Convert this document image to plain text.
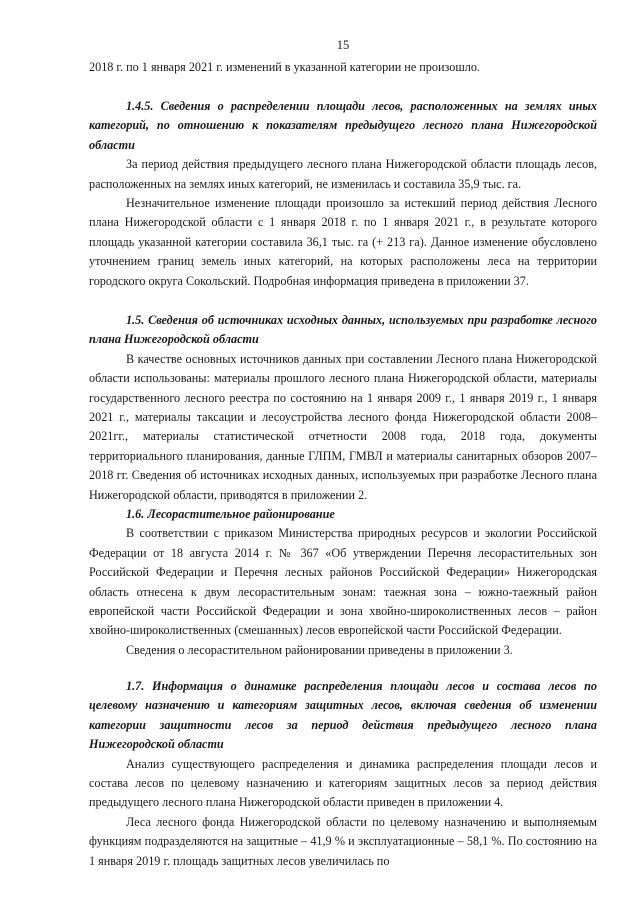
15

2018 г. по 1 января 2021 г. изменений в указанной категории не произошло.

1.4.5. Сведения о распределении площади лесов, расположенных на землях иных категорий, по отношению к показателям предыдущего лесного плана Нижегородской области

За период действия предыдущего лесного плана Нижегородской области площадь лесов, расположенных на землях иных категорий, не изменилась и составила 35,9 тыс. га.

Незначительное изменение площади произошло за истекший период действия Лесного плана Нижегородской области с 1 января 2018 г. по 1 января 2021 г., в результате которого площадь указанной категории составила 36,1 тыс. га (+ 213 га). Данное изменение обусловлено уточнением границ земель иных категорий, на которых расположены леса на территории городского округа Сокольский. Подробная информация приведена в приложении 37.

1.5. Сведения об источниках исходных данных, используемых при разработке лесного плана Нижегородской области

В качестве основных источников данных при составлении Лесного плана Нижегородской области использованы: материалы прошлого лесного плана Нижегородской области, материалы государственного лесного реестра по состоянию на 1 января 2009 г., 1 января 2019 г., 1 января 2021 г., материалы таксации и лесоустройства лесного фонда Нижегородской области 2008–2021гг., материалы статистической отчетности 2008 года, 2018 года, документы территориального планирования, данные ГЛПМ, ГМВЛ и материалы санитарных обзоров 2007–2018 гг. Сведения об источниках исходных данных, используемых при разработке Лесного плана Нижегородской области, приводятся в приложении 2.

1.6. Лесорастительное районирование

В соответствии с приказом Министерства природных ресурсов и экологии Российской Федерации от 18 августа 2014 г. № 367 «Об утверждении Перечня лесорастительных зон Российской Федерации и Перечня лесных районов Российской Федерации» Нижегородская область отнесена к двум лесорастительным зонам: таежная зона – южно-таежный район европейской части Российской Федерации и зона хвойно-широколиственных лесов – район хвойно-широколиственных (смешанных) лесов европейской части Российской Федерации.

Сведения о лесорастительном районировании приведены в приложении 3.

1.7. Информация о динамике распределения площади лесов и состава лесов по целевому назначению и категориям защитных лесов, включая сведения об изменении категории защитности лесов за период действия предыдущего лесного плана Нижегородской области

Анализ существующего распределения и динамика распределения площади лесов и состава лесов по целевому назначению и категориям защитных лесов за период действия предыдущего лесного плана Нижегородской области приведен в приложении 4.

Леса лесного фонда Нижегородской области по целевому назначению и выполняемым функциям подразделяются на защитные – 41,9 % и эксплуатационные – 58,1 %. По состоянию на 1 января 2019 г. площадь защитных лесов увеличилась по
